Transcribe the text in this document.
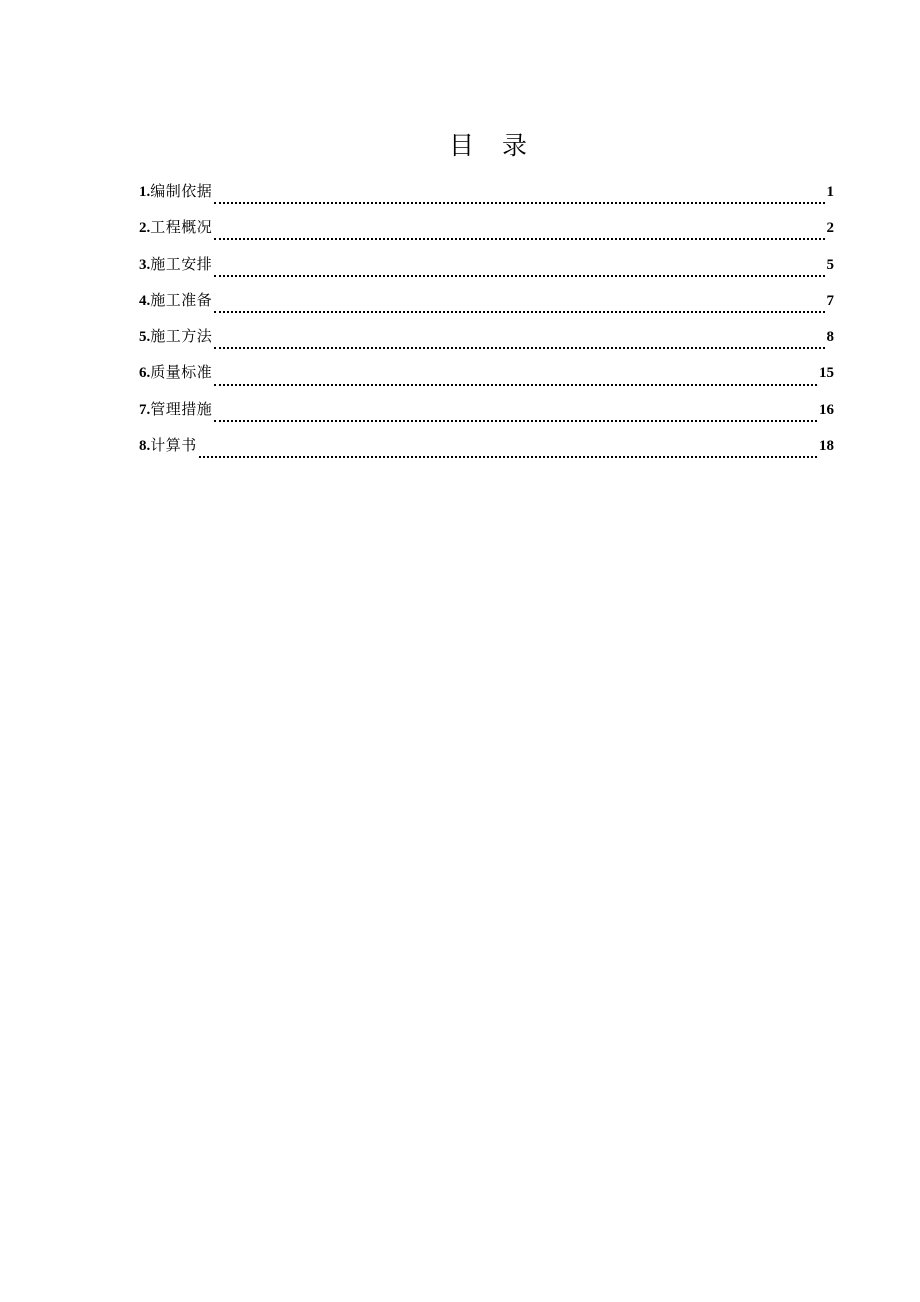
目 录
1.编制依据	1
2.工程概况	2
3.施工安排	5
4.施工准备	7
5.施工方法	8
6.质量标准	15
7.管理措施	16
8.计算书	18
